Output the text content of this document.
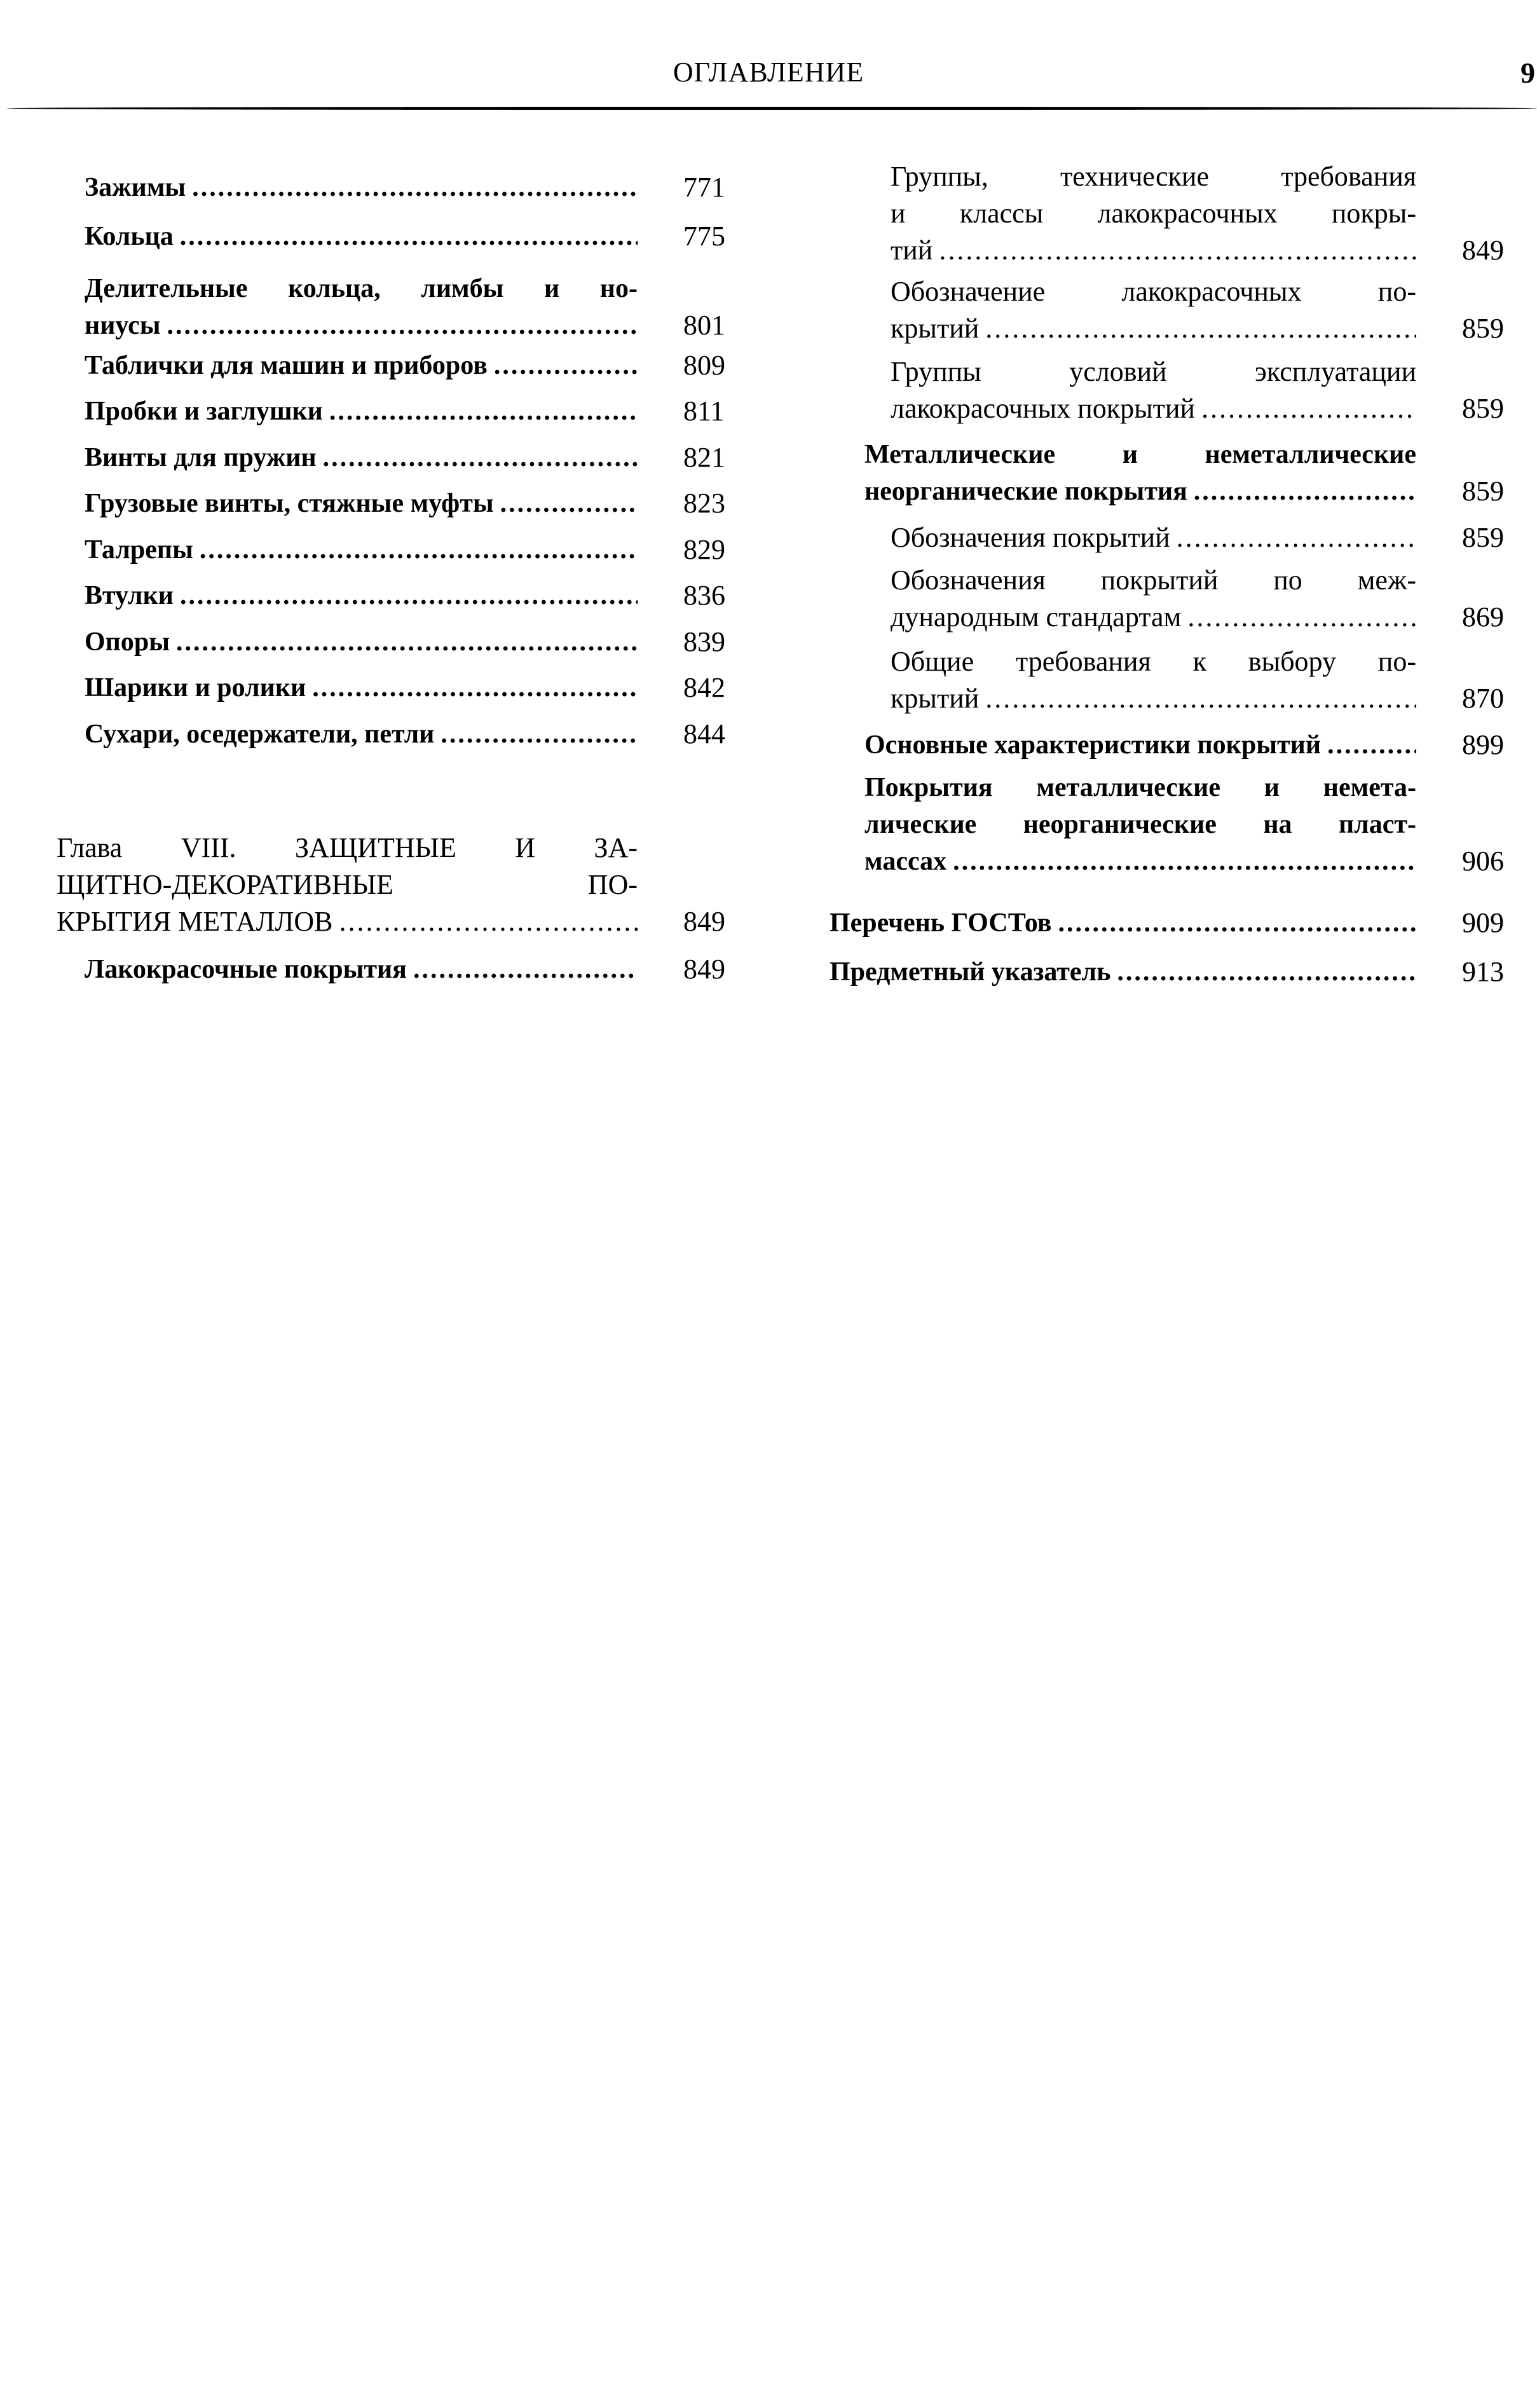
ОГЛАВЛЕНИЕ	9
Зажимы .....	771
Кольца .....	775
Делительные кольца, лимбы и но-
ниусы .....	801
Таблички для машин и приборов .....	809
Пробки и заглушки .....	811
Винты для пружин .....	821
Грузовые винты, стяжные муфты .....	823
Талрепы .....	829
Втулки .....	836
Опоры .....	839
Шарики и ролики .....	842
Сухари, оседержатели, петли .....	844
Глава VIII. ЗАЩИТНЫЕ И ЗА-
ЩИТНО-ДЕКОРАТИВНЫЕ ПО-
КРЫТИЯ МЕТАЛЛОВ .....	849
Лакокрасочные покрытия .....	849
Группы, технические требования
и классы лакокрасочных покры-
тий .....	849
Обозначение лакокрасочных по-
крытий .....	859
Группы условий эксплуатации
лакокрасочных покрытий .....	859
Металлические и неметаллические
неорганические покрытия .....	859
Обозначения покрытий .....	859
Обозначения покрытий по меж-
дународным стандартам .....	869
Общие требования к выбору по-
крытий .....	870
Основные характеристики покрытий .....	899
Покрытия металлические и немета-
лические неорганические на пласт-
массах .....	906
Перечень ГОСТов .....	909
Предметный указатель .....	913
